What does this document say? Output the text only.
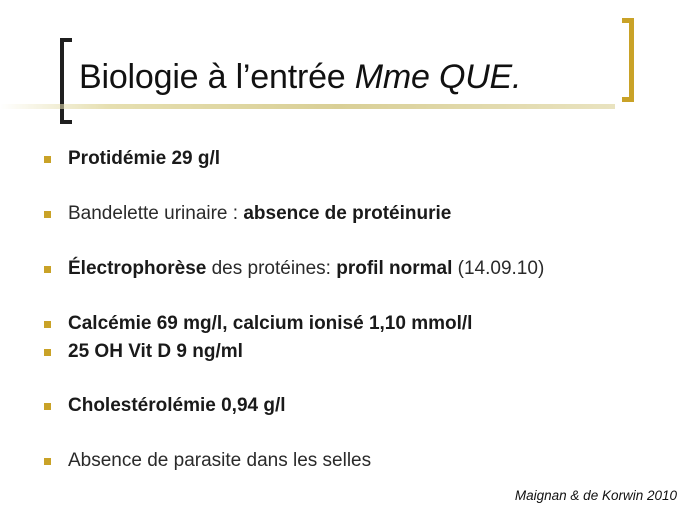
Biologie à l’entrée Mme QUE.
Protidémie 29 g/l
Bandelette urinaire : absence de protéinurie
Électrophorèse des protéines: profil normal (14.09.10)
Calcémie 69 mg/l, calcium ionisé 1,10 mmol/l
25 OH Vit D 9 ng/ml
Cholestérolémie 0,94 g/l
Absence de parasite dans les selles
Maignan & de Korwin 2010
